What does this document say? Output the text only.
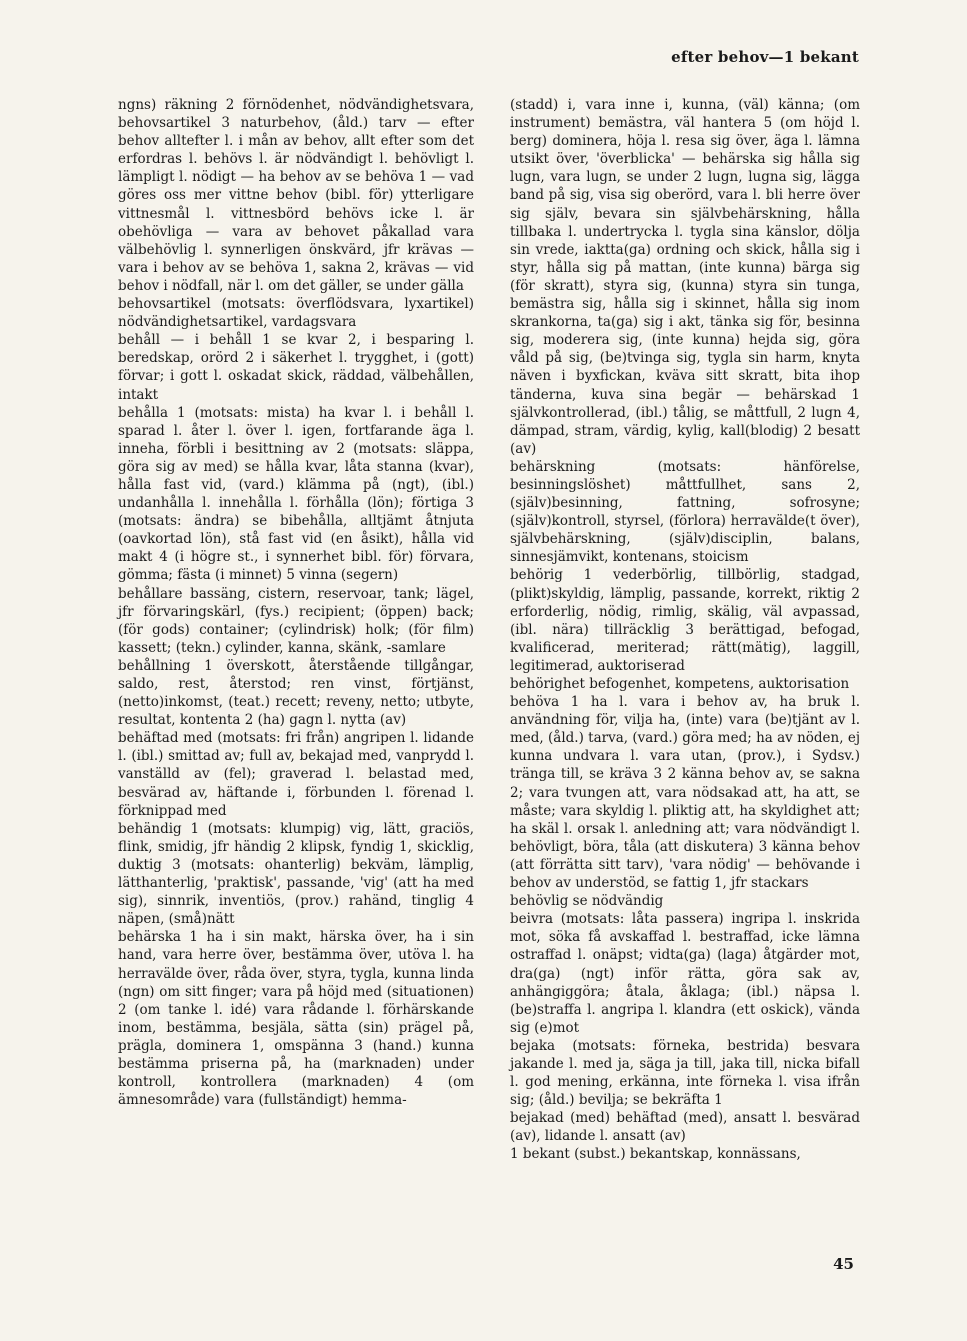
efter behov—1 bekant

ngns) räkning 2 förnödenhet, nödvändighetsvara, behovsartikel 3 naturbehov, (åld.) tarv — efter behov alltefter l. i mån av behov, allt efter som det erfordras l. behövs l. är nödvändigt l. behövligt l. lämpligt l. nödigt — ha behov av se behöva 1 — vad göres oss mer vittne behov (bibl. för) ytterligare vittnesmål l. vittnesbörd behövs icke l. är obehövliga — vara av behovet påkallad vara välbehövlig l. synnerligen önskvärd, jfr krävas — vara i behov av se behöva 1, sakna 2, krävas — vid behov i nödfall, när l. om det gäller, se under gälla

behovsartikel (motsats: överflödsvara, lyxartikel) nödvändighetsartikel, vardagsvara

behåll — i behåll 1 se kvar 2, i besparing l. beredskap, orörd 2 i säkerhet l. trygghet, i (gott) förvar; i gott l. oskadat skick, räddad, välbehållen, intakt

behålla 1 (motsats: mista) ha kvar l. i behåll l. sparad l. åter l. över l. igen, fortfarande äga l. inneha, förbli i besittning av 2 (motsats: släppa, göra sig av med) se hålla kvar, låta stanna (kvar), hålla fast vid, (vard.) klämma på (ngt), (ibl.) undanhålla l. innehålla l. förhålla (lön); förtiga 3 (motsats: ändra) se bibehålla, alltjämt åtnjuta (oavkortad lön), stå fast vid (en åsikt), hålla vid makt 4 (i högre st., i synnerhet bibl. för) förvara, gömma; fästa (i minnet) 5 vinna (segern)

behållare bassäng, cistern, reservoar, tank; lägel, jfr förvaringskärl, (fys.) recipient; (öppen) back; (för gods) container; (cylindrisk) holk; (för film) kassett; (tekn.) cylinder, kanna, skänk, -samlare

behållning 1 överskott, återstående tillgångar, saldo, rest, återstod; ren vinst, förtjänst, (netto)inkomst, (teat.) recett; reveny, netto; utbyte, resultat, kontenta 2 (ha) gagn l. nytta (av)

behäftad med (motsats: fri från) angripen l. lidande l. (ibl.) smittad av; full av, bekajad med, vanprydd l. vanställd av (fel); graverad l. belastad med, besvärad av, häftande i, förbunden l. förenad l. förknippad med

behändig 1 (motsats: klumpig) vig, lätt, graciös, flink, smidig, jfr händig 2 klipsk, fyndig 1, skicklig, duktig 3 (motsats: ohanterlig) bekväm, lämplig, lätthanterlig, 'praktisk', passande, 'vig' (att ha med sig), sinnrik, inventiös, (prov.) rahänd, tinglig 4 näpen, (små)nätt

behärska 1 ha i sin makt, härska över, ha i sin hand, vara herre över, bestämma över, utöva l. ha herravälde över, råda över, styra, tygla, kunna linda (ngn) om sitt finger; vara på höjd med (situationen) 2 (om tanke l. idé) vara rådande l. förhärskande inom, bestämma, besjäla, sätta (sin) prägel på, prägla, dominera 1, omspänna 3 (hand.) kunna bestämma priserna på, ha (marknaden) under kontroll, kontrollera (marknaden) 4 (om ämnesområde) vara (fullständigt) hemma-

(stadd) i, vara inne i, kunna, (väl) känna; (om instrument) bemästra, väl hantera 5 (om höjd l. berg) dominera, höja l. resa sig över, äga l. lämna utsikt över, 'överblicka' — behärska sig hålla sig lugn, vara lugn, se under 2 lugn, lugna sig, lägga band på sig, visa sig oberörd, vara l. bli herre över sig själv, bevara sin självbehärskning, hålla tillbaka l. undertrycka l. tygla sina känslor, dölja sin vrede, iaktta(ga) ordning och skick, hålla sig i styr, hålla sig på mattan, (inte kunna) bärga sig (för skratt), styra sig, (kunna) styra sin tunga, bemästra sig, hålla sig i skinnet, hålla sig inom skrankorna, ta(ga) sig i akt, tänka sig för, besinna sig, moderera sig, (inte kunna) hejda sig, göra våld på sig, (be)tvinga sig, tygla sin harm, knyta näven i byxfickan, kväva sitt skratt, bita ihop tänderna, kuva sina begär — behärskad 1 självkontrollerad, (ibl.) tålig, se måttfull, 2 lugn 4, dämpad, stram, värdig, kylig, kall(blodig) 2 besatt (av)

behärskning (motsats: hänförelse, besinningslöshet) måttfullhet, sans 2, (själv)besinning, fattning, sofrosyne; (själv)kontroll, styrsel, (förlora) herravälde(t över), självbehärskning, (själv)disciplin, balans, sinnesjämvikt, kontenans, stoicism

behörig 1 vederbörlig, tillbörlig, stadgad, (plikt)skyldig, lämplig, passande, korrekt, riktig 2 erforderlig, nödig, rimlig, skälig, väl avpassad, (ibl. nära) tillräcklig 3 berättigad, befogad, kvalificerad, meriterad; rätt(mätig), laggill, legitimerad, auktoriserad

behörighet befogenhet, kompetens, auktorisation

behöva 1 ha l. vara i behov av, ha bruk l. användning för, vilja ha, (inte) vara (be)tjänt av l. med, (åld.) tarva, (vard.) göra med; ha av nöden, ej kunna undvara l. vara utan, (prov.), i Sydsv.) tränga till, se kräva 3 2 känna behov av, se sakna 2; vara tvungen att, vara nödsakad att, ha att, se måste; vara skyldig l. pliktig att, ha skyldighet att; ha skäl l. orsak l. anledning att; vara nödvändigt l. behövligt, böra, tåla (att diskutera) 3 känna behov (att förrätta sitt tarv), 'vara nödig' — behövande i behov av understöd, se fattig 1, jfr stackars

behövlig se nödvändig

beivra (motsats: låta passera) ingripa l. inskrida mot, söka få avskaffad l. bestraffad, icke lämna ostraffad l. onäpst; vidta(ga) (laga) åtgärder mot, dra(ga) (ngt) inför rätta, göra sak av, anhängiggöra; åtala, åklaga; (ibl.) näpsa l. (be)straffa l. angripa l. klandra (ett oskick), vända sig (e)mot

bejaka (motsats: förneka, bestrida) besvara jakande l. med ja, säga ja till, jaka till, nicka bifall l. god mening, erkänna, inte förneka l. visa ifrån sig; (åld.) bevilja; se bekräfta 1

bejakad (med) behäftad (med), ansatt l. besvärad (av), lidande l. ansatt (av)

1 bekant (subst.) bekantskap, konnässans,

45
